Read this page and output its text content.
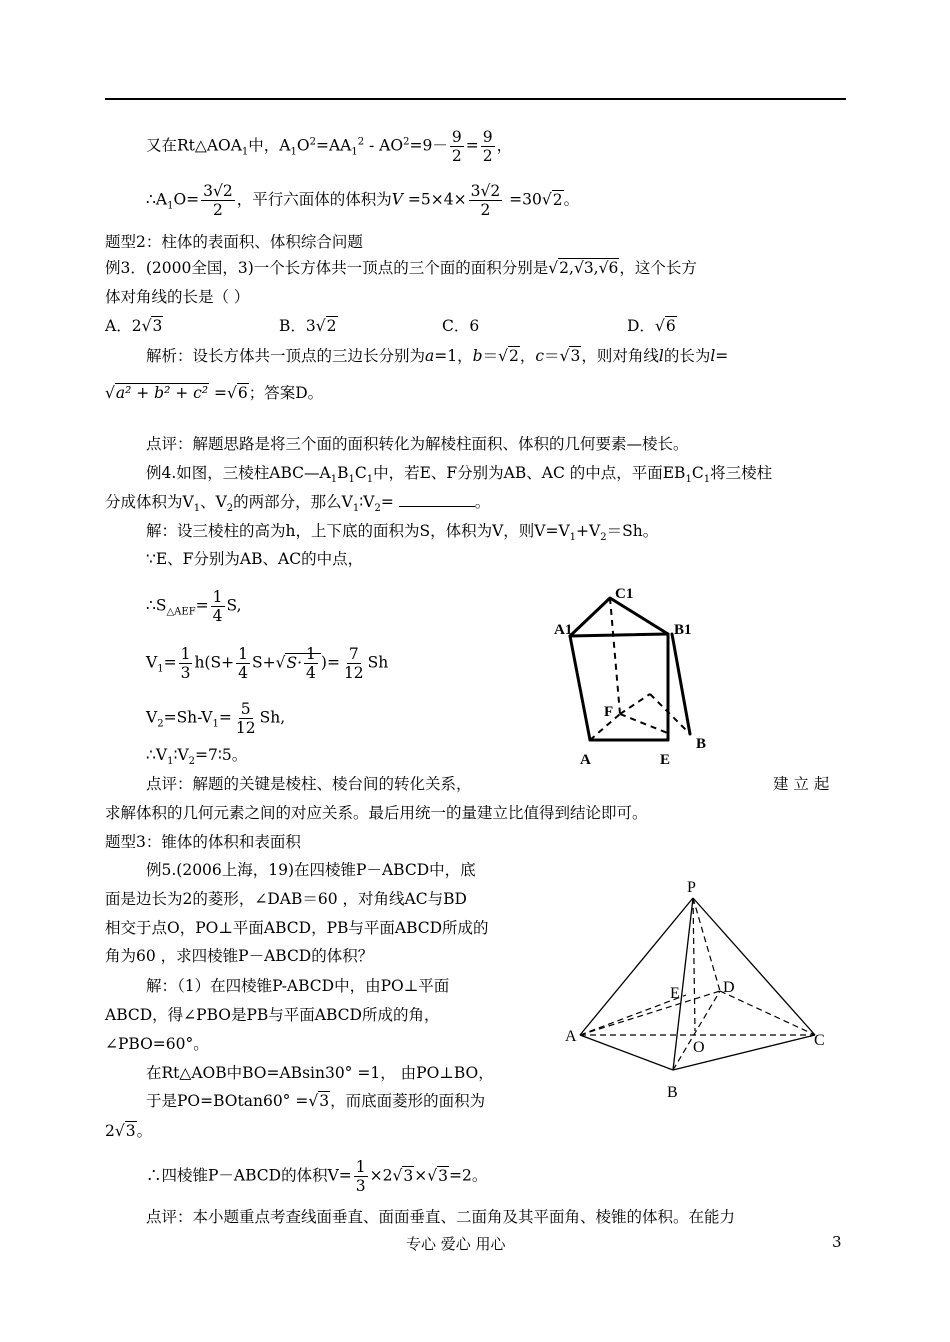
又在$Rt\triangle AOA_1$中，$A_1O^2=AA_1^2 - AO^2=9- \frac{9}{2} = \frac{9}{2}$ ，
$\therefore A_1O= \frac{3√2}{2}$ ，平行六面体的体积为$V =5\times 4\times \frac{3√2}{2} =30√2$。
题型2：柱体的表面积、体积综合问题
例3．(2000全国，3)一个长方体共一顶点的三个面的面积分别是√2,√3,√6，这个长方
体对角线的长是（ ）
A．2√3	B．3√2	C．6	D．√6
解析：设长方体共一顶点的三边长分别为a=1，b＝√2，c＝√3，则对角线l的长为l=
√a² + b² + c² =√6；答案D。
点评：解题思路是将三个面的面积转化为解棱柱面积、体积的几何要素—棱长。
例4.如图，三棱柱$ABC—A_1B_1C_1$中，若E、F分别为AB、AC 的中点，平面$EB_1C_1$将三棱柱
分成体积为$V_1$、$V_2$的两部分，那么$V_1∶V_2=$	。
解：设三棱柱的高为h，上下底的面积为S，体积为V，则$V=V_1+V_2=Sh$。
∵E、F分别为AB、AC的中点，
$\therefore S_{\triangle AEF}= \frac{1}{4} S$,
$V_1= \frac{1}{3} h(S+ \frac{1}{4} S+√S\cdot \frac{1}{4}$ )= $\frac{7}{12}$ Sh
$V_2=Sh-V_1= \frac{5}{12} Sh$,
$\therefore V_1∶V_2=7∶5$。
点评：解题的关键是棱柱、棱台间的转化关系，	建 立 起
求解体积的几何元素之间的对应关系。最后用统一的量建立比值得到结论即可。
题型3：锥体的体积和表面积
例5.(2006上海，19)在四棱锥P－ABCD中，底
面是边长为2的菱形，∠DAB＝60 ，对角线AC与BD
相交于点O，PO⊥平面ABCD，PB与平面ABCD所成的
角为60 ，求四棱锥P－ABCD的体积？
解：（1）在四棱锥P-ABCD中，由PO⊥平面
ABCD，得∠PBO是PB与平面ABCD所成的角，
∠PBO=60°。
在Rt△AOB中BO=ABsin30° =1， 由PO⊥BO，
于是PO=BOtan60° =√3，而底面菱形的面积为
2√3。
∴四棱锥P－ABCD的体积$V= \frac{1}{3} \times 2√3\times√3=2$。
点评：本小题重点考查线面垂直、面面垂直、二面角及其平面角、棱锥的体积。在能力
C1
A1	B1
F
A	E
B
P
E	D
A	C
O
B
专心 爱心 用心	3
